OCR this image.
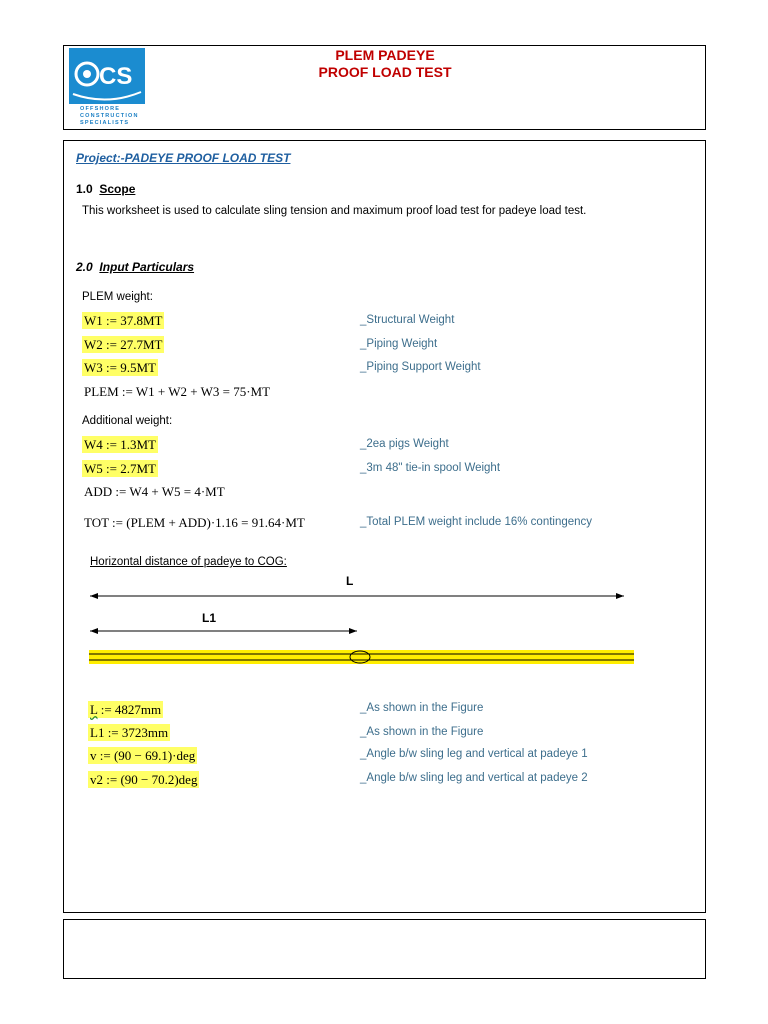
CS
OFFSHORE
CONSTRUCTION
SPECIALISTS
PLEM PADEYE
PROOF LOAD TEST
Project:-PADEYE PROOF LOAD TEST
1.0 Scope
This worksheet is used to calculate sling tension and maximum proof load test for padeye load test.
2.0 Input Particulars
PLEM weight:
W1 := 37.8MT	_Structural Weight
W2 := 27.7MT	_Piping Weight
W3 := 9.5MT	_Piping Support Weight
PLEM := W1 + W2 + W3 = 75·MT
Additional weight:
W4 := 1.3MT	_2ea pigs Weight
W5 := 2.7MT	_3m 48" tie-in spool Weight
ADD := W4 + W5 = 4·MT
TOT := (PLEM + ADD)·1.16 = 91.64·MT	_Total PLEM weight include 16% contingency
Horizontal distance of padeye to COG:
L
L1
L := 4827mm	_As shown in the Figure
L1 := 3723mm	_As shown in the Figure
v := (90 − 69.1)·deg	_Angle b/w sling leg and vertical at padeye 1
v2 := (90 − 70.2)deg	_Angle b/w sling leg and vertical at padeye 2
